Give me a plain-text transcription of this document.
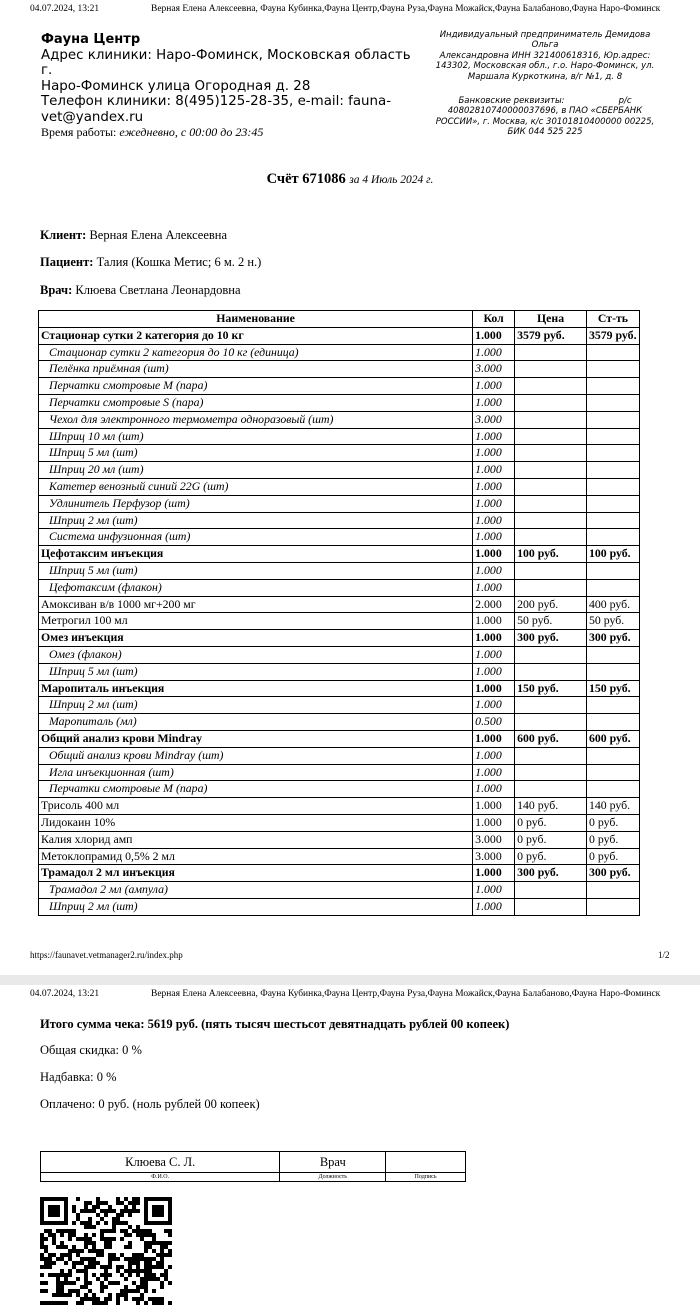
04.07.2024, 13:21	Верная Елена Алексеевна, Фауна Кубинка,Фауна Центр,Фауна Руза,Фауна Можайск,Фауна Балабаново,Фауна Наро-Фоминск
Фауна Центр
Адрес клиники: Наро-Фоминск, Московская область г.
Наро-Фоминск улица Огородная д. 28
Телефон клиники: 8(495)125-28-35, e-mail: fauna-
vet@yandex.ru
Время работы: ежедневно, с 00:00 до 23:45
Индивидуальный предприниматель Демидова Ольга
Александровна ИНН 321400618316, Юр.адрес:
143302, Московская обл., г.о. Наро-Фоминск, ул.
Маршала Куркоткина, в/г №1, д. 8
Банковские реквизиты:                    р/с
40802810740000037696, в ПАО «СБЕРБАНК
РОССИИ», г. Москва, к/с 30101810400000 00225,
БИК 044 525 225
Счёт 671086 за 4 Июль 2024 г.
Клиент: Верная Елена Алексеевна
Пациент: Талия (Кошка Метис; 6 м. 2 н.)
Врач: Клюева Светлана Леонардовна
Наименование	Кол	Цена	Ст-ть
Стационар сутки 2 категория до 10 кг	1.000	3579 руб.	3579 руб.
Стационар сутки 2 категория до 10 кг (единица)	1.000		
Пелёнка приёмная (шт)	3.000		
Перчатки смотровые М (пара)	1.000		
Перчатки смотровые S (пара)	1.000		
Чехол для электронного термометра одноразовый (шт)	3.000		
Шприц 10 мл (шт)	1.000		
Шприц 5 мл (шт)	1.000		
Шприц 20 мл (шт)	1.000		
Катетер венозный синий 22G (шт)	1.000		
Удлинитель Перфузор (шт)	1.000		
Шприц 2 мл (шт)	1.000		
Система инфузионная (шт)	1.000		
Цефотаксим инъекция	1.000	100 руб.	100 руб.
Шприц 5 мл (шт)	1.000		
Цефотаксим (флакон)	1.000		
Амоксиван в/в 1000 мг+200 мг	2.000	200 руб.	400 руб.
Метрогил 100 мл	1.000	50 руб.	50 руб.
Омез инъекция	1.000	300 руб.	300 руб.
Омез (флакон)	1.000		
Шприц 5 мл (шт)	1.000		
Маропиталь инъекция	1.000	150 руб.	150 руб.
Шприц 2 мл (шт)	1.000		
Маропиталь (мл)	0.500		
Общий анализ крови Mindray	1.000	600 руб.	600 руб.
Общий анализ крови Mindray (шт)	1.000		
Игла инъекционная (шт)	1.000		
Перчатки смотровые М (пара)	1.000		
Трисоль 400 мл	1.000	140 руб.	140 руб.
Лидокаин 10%	1.000	0 руб.	0 руб.
Калия хлорид амп	3.000	0 руб.	0 руб.
Метоклопрамид 0,5% 2 мл	3.000	0 руб.	0 руб.
Трамадол 2 мл инъекция	1.000	300 руб.	300 руб.
Трамадол 2 мл (ампула)	1.000		
Шприц 2 мл (шт)	1.000		
https://faunavet.vetmanager2.ru/index.php	1/2
04.07.2024, 13:21	Верная Елена Алексеевна, Фауна Кубинка,Фауна Центр,Фауна Руза,Фауна Можайск,Фауна Балабаново,Фауна Наро-Фоминск
Итого сумма чека: 5619 руб. (пять тысяч шестьсот девятнадцать рублей 00 копеек)
Общая скидка: 0 %
Надбавка: 0 %
Оплачено: 0 руб. (ноль рублей 00 копеек)
Клюева С. Л.	Врач	
Ф.И.О.	Должность	Подпись
